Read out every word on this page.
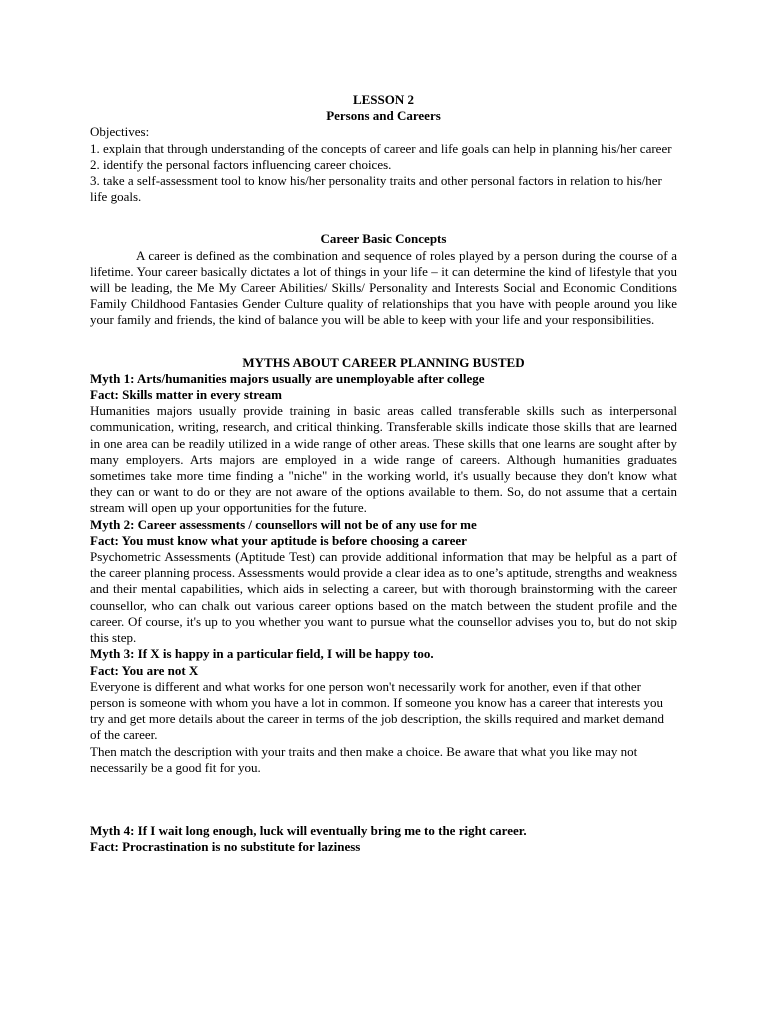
LESSON 2
Persons and Careers
Objectives:
1. explain that through understanding of the concepts of career and life goals can help in planning his/her career
2. identify the personal factors influencing career choices.
3. take a self-assessment tool to know his/her personality traits and other personal factors in relation to his/her life goals.
Career Basic Concepts

A career is defined as the combination and sequence of roles played by a person during the course of a lifetime. Your career basically dictates a lot of things in your life – it can determine the kind of lifestyle that you will be leading, the Me My Career Abilities/ Skills/ Personality and Interests Social and Economic Conditions Family Childhood Fantasies Gender Culture quality of relationships that you have with people around you like your family and friends, the kind of balance you will be able to keep with your life and your responsibilities.

MYTHS ABOUT CAREER PLANNING BUSTED
Myth 1: Arts/humanities majors usually are unemployable after college
Fact: Skills matter in every stream

Humanities majors usually provide training in basic areas called transferable skills such as interpersonal communication, writing, research, and critical thinking. Transferable skills indicate those skills that are learned in one area can be readily utilized in a wide range of other areas. These skills that one learns are sought after by many employers. Arts majors are employed in a wide range of careers. Although humanities graduates sometimes take more time finding a "niche" in the working world, it's usually because they don't know what they can or want to do or they are not aware of the options available to them. So, do not assume that a certain stream will open up your opportunities for the future.

Myth 2: Career assessments / counsellors will not be of any use for me
Fact: You must know what your aptitude is before choosing a career

Psychometric Assessments (Aptitude Test) can provide additional information that may be helpful as a part of the career planning process. Assessments would provide a clear idea as to one’s aptitude, strengths and weakness and their mental capabilities, which aids in selecting a career, but with thorough brainstorming with the career counsellor, who can chalk out various career options based on the match between the student profile and the career. Of course, it's up to you whether you want to pursue what the counsellor advises you to, but do not skip this step.

Myth 3: If X is happy in a particular field, I will be happy too.
Fact: You are not X

Everyone is different and what works for one person won't necessarily work for another, even if that other person is someone with whom you have a lot in common. If someone you know has a career that interests you try and get more details about the career in terms of the job description, the skills required and market demand of the career.

Then match the description with your traits and then make a choice. Be aware that what you like may not necessarily be a good fit for you.

Myth 4: If I wait long enough, luck will eventually bring me to the right career.
Fact: Procrastination is no substitute for laziness
